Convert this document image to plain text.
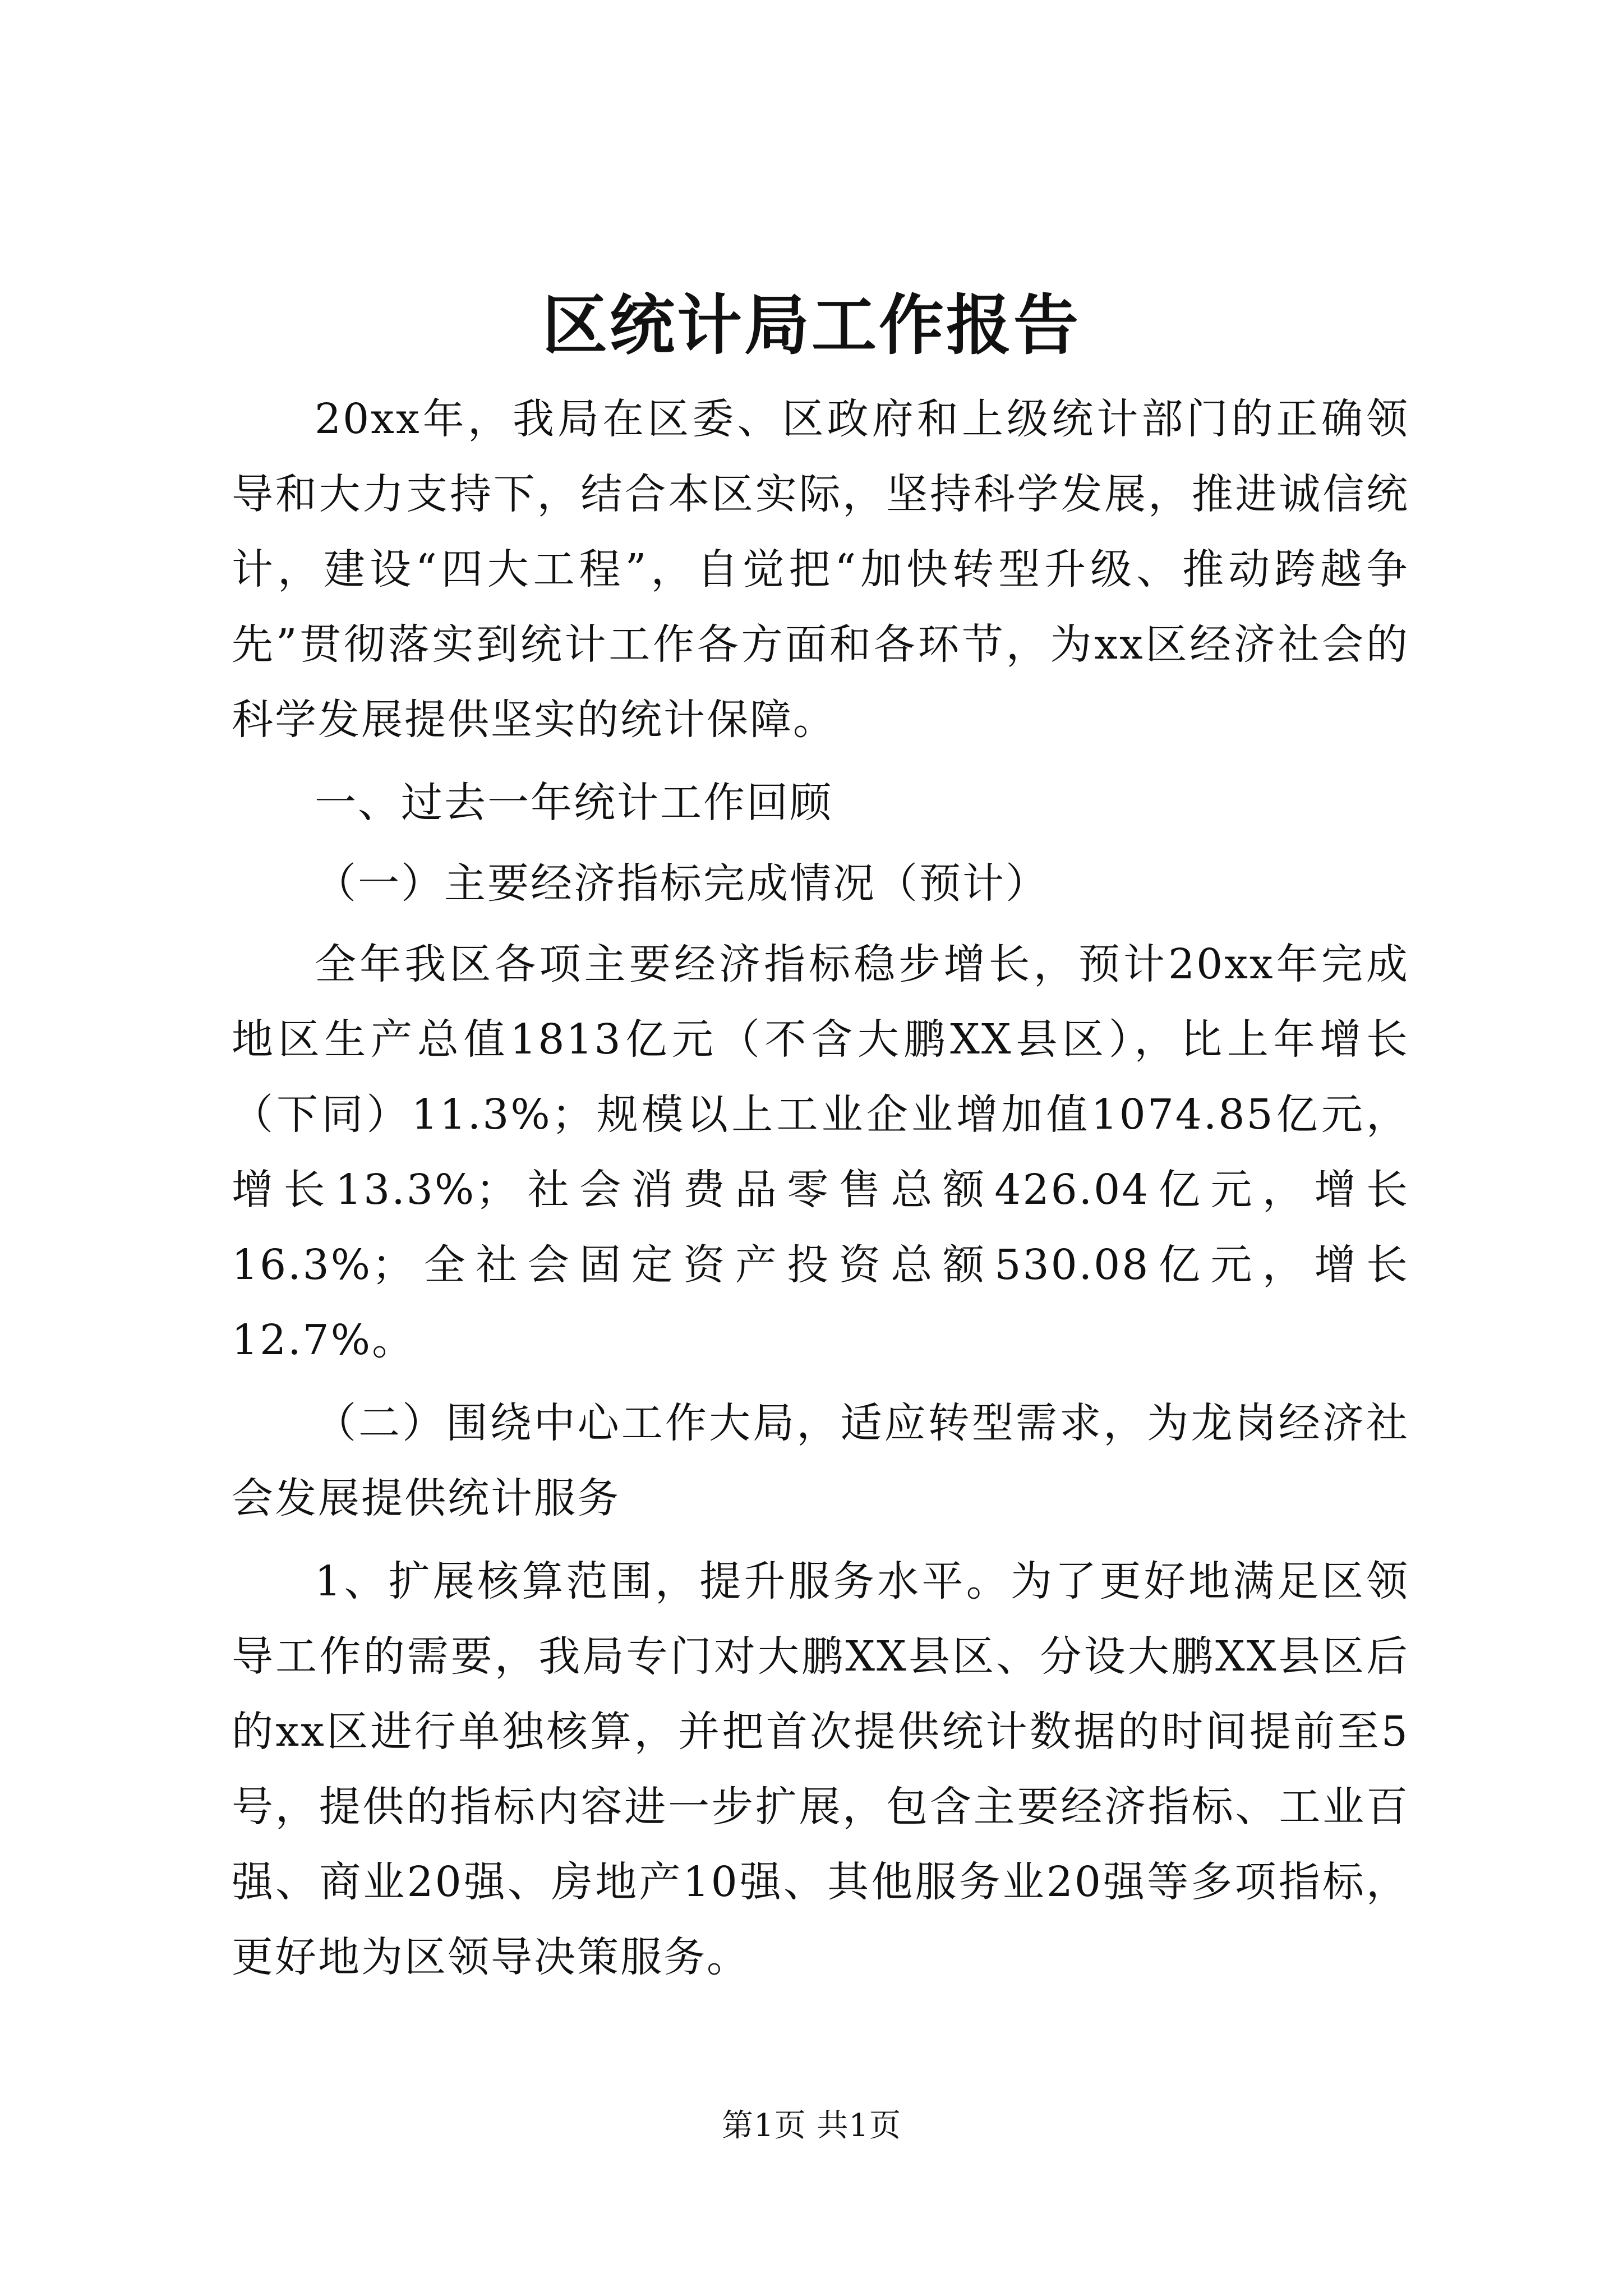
区统计局工作报告

20xx年，我局在区委、区政府和上级统计部门的正确领导和大力支持下，结合本区实际，坚持科学发展，推进诚信统计，建设“四大工程”，自觉把“加快转型升级、推动跨越争先”贯彻落实到统计工作各方面和各环节，为xx区经济社会的科学发展提供坚实的统计保障。

一、过去一年统计工作回顾

（一）主要经济指标完成情况（预计）

全年我区各项主要经济指标稳步增长，预计20xx年完成地区生产总值1813亿元（不含大鹏XX县区），比上年增长（下同）11.3%；规模以上工业企业增加值1074.85亿元，增长13.3%；社会消费品零售总额426.04亿元，增长16.3%；全社会固定资产投资总额530.08亿元，增长12.7%。

（二）围绕中心工作大局，适应转型需求，为龙岗经济社会发展提供统计服务

1、扩展核算范围，提升服务水平。为了更好地满足区领导工作的需要，我局专门对大鹏XX县区、分设大鹏XX县区后的xx区进行单独核算，并把首次提供统计数据的时间提前至5号，提供的指标内容进一步扩展，包含主要经济指标、工业百强、商业20强、房地产10强、其他服务业20强等多项指标，更好地为区领导决策服务。

第1页 共1页
